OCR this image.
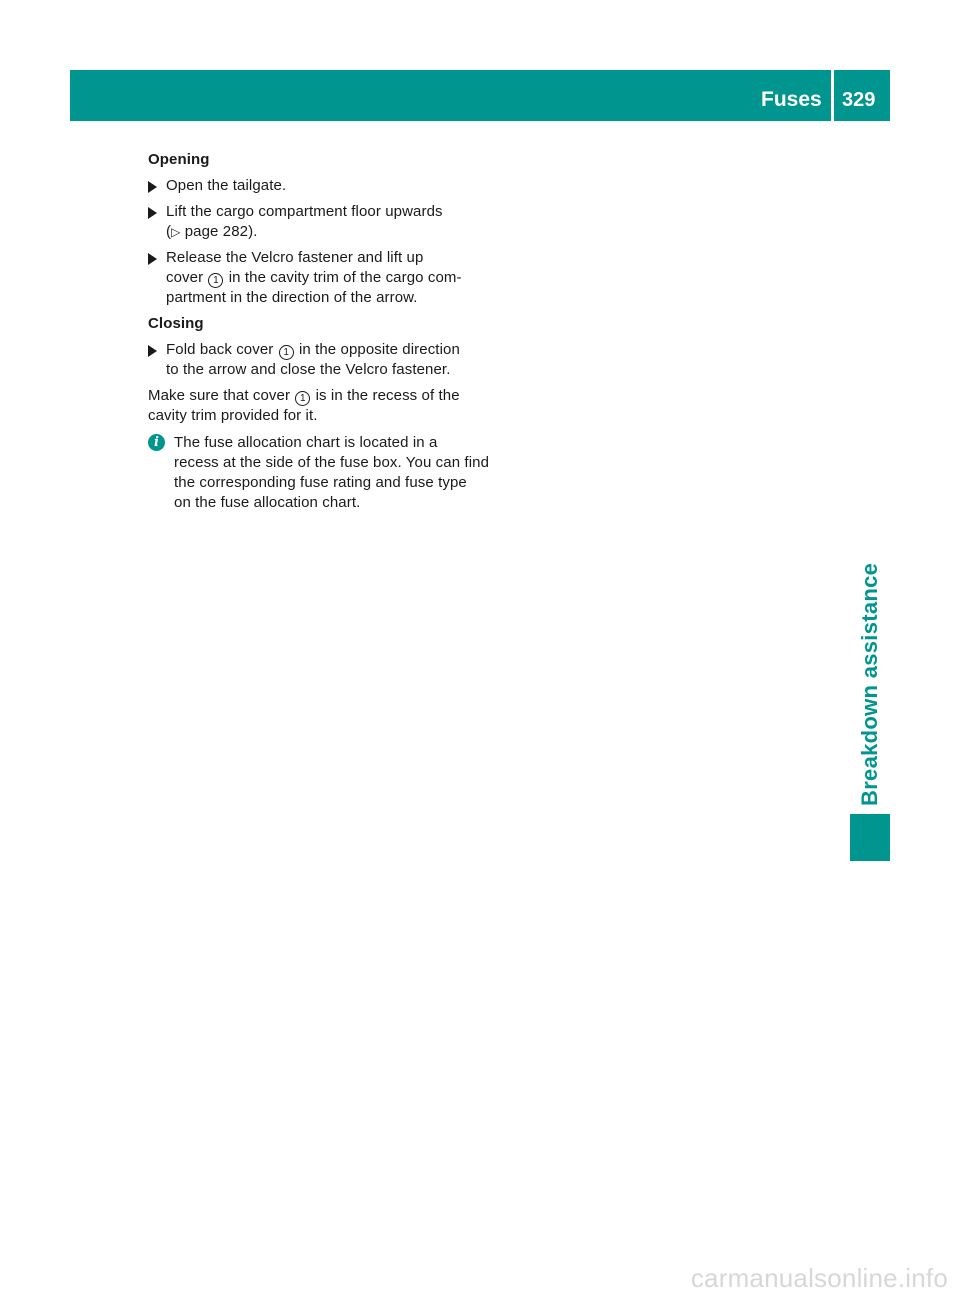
Fuses 329
Opening
Open the tailgate.
Lift the cargo compartment floor upwards
(▷ page 282).
Release the Velcro fastener and lift up
cover 1 in the cavity trim of the cargo com-
partment in the direction of the arrow.
Closing
Fold back cover 1 in the opposite direction
to the arrow and close the Velcro fastener.
Make sure that cover 1 is in the recess of the
cavity trim provided for it.
i The fuse allocation chart is located in a
recess at the side of the fuse box. You can find
the corresponding fuse rating and fuse type
on the fuse allocation chart.
Breakdown assistance
carmanualsonline.info
